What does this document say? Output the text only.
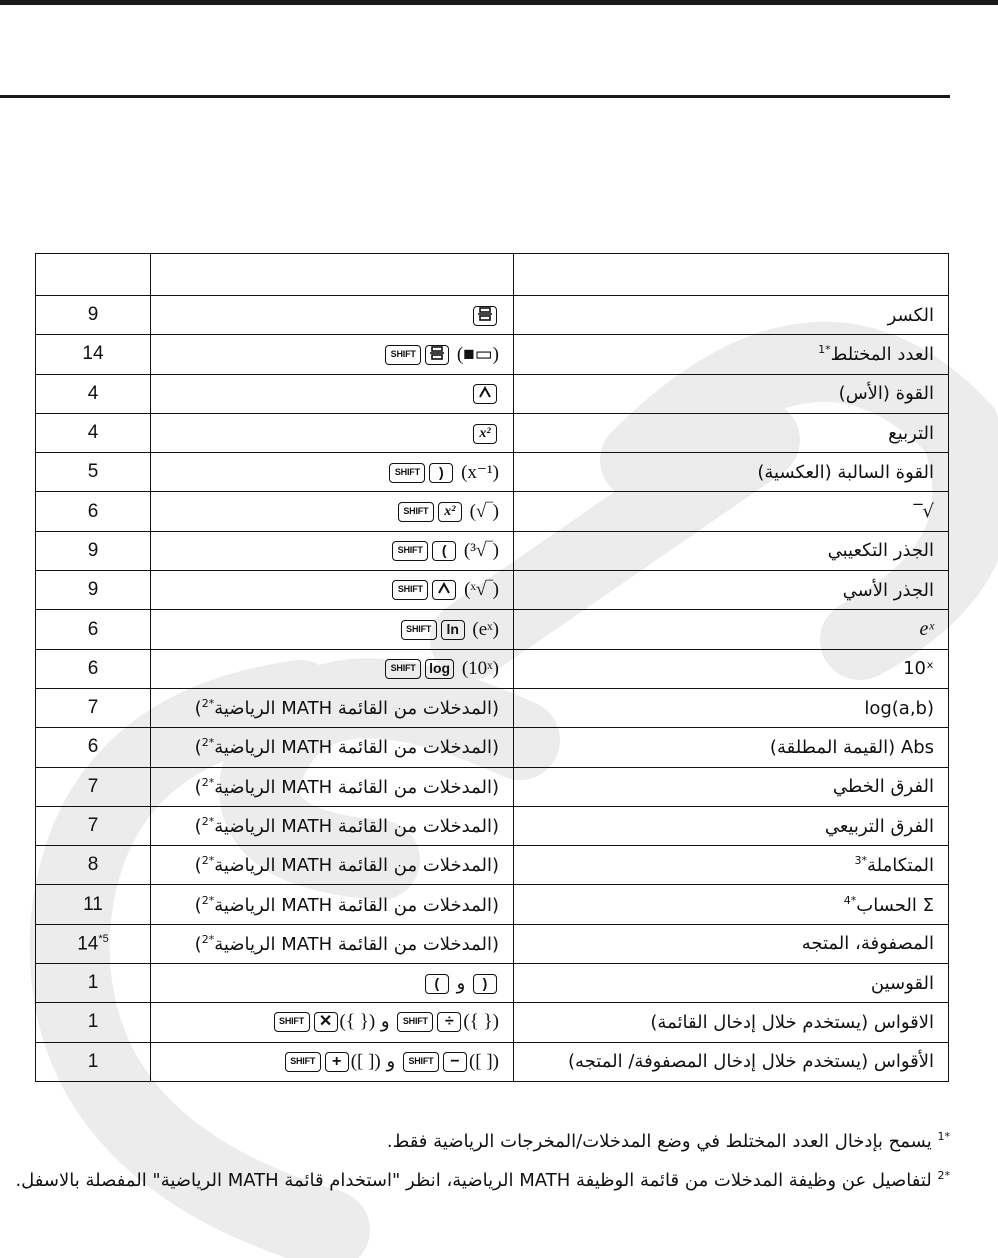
9		الكسر
14	SHIFT (■▭)	العدد المختلط$^{*1}$
4		القوة (الأس)
4	x²	التربيع
5	SHIFT ) (x⁻¹)	القوة السالبة (العكسية)
6	SHIFT x² (√‾)	√‾
9	SHIFT ( (³√‾)	الجذر التكعيبي
9	SHIFT (ˣ√‾)	الجذر الأسي
6	SHIFT ln (eˣ)	eˣ
6	SHIFT log (10ˣ)	10ˣ
7	(المدخلات من القائمة MATH الرياضية$^{*2}$)	log(a,b)
6	(المدخلات من القائمة MATH الرياضية$^{*2}$)	Abs (القيمة المطلقة)
7	(المدخلات من القائمة MATH الرياضية$^{*2}$)	الفرق الخطي
7	(المدخلات من القائمة MATH الرياضية$^{*2}$)	الفرق التربيعي
8	(المدخلات من القائمة MATH الرياضية$^{*2}$)	المتكاملة$^{*3}$
11	(المدخلات من القائمة MATH الرياضية$^{*2}$)	Σ الحساب$^{*4}$
14$^{*5}$	(المدخلات من القائمة MATH الرياضية$^{*2}$)	المصفوفة، المتجه
1	( و )	القوسين
1	SHIFT ✕ ({ }) و SHIFT ÷ ({ })	الاقواس (يستخدم خلال إدخال القائمة)
1	SHIFT + ([ ]) و SHIFT − ([ ])	الأقواس (يستخدم خلال إدخال المصفوفة/ المتجه)

$^{*1}$ يسمح بإدخال العدد المختلط في وضع المدخلات/المخرجات الرياضية فقط.

$^{*2}$ لتفاصيل عن وظيفة المدخلات من قائمة الوظيفة MATH الرياضية، انظر "استخدام قائمة MATH الرياضية" المفصلة بالاسفل.
